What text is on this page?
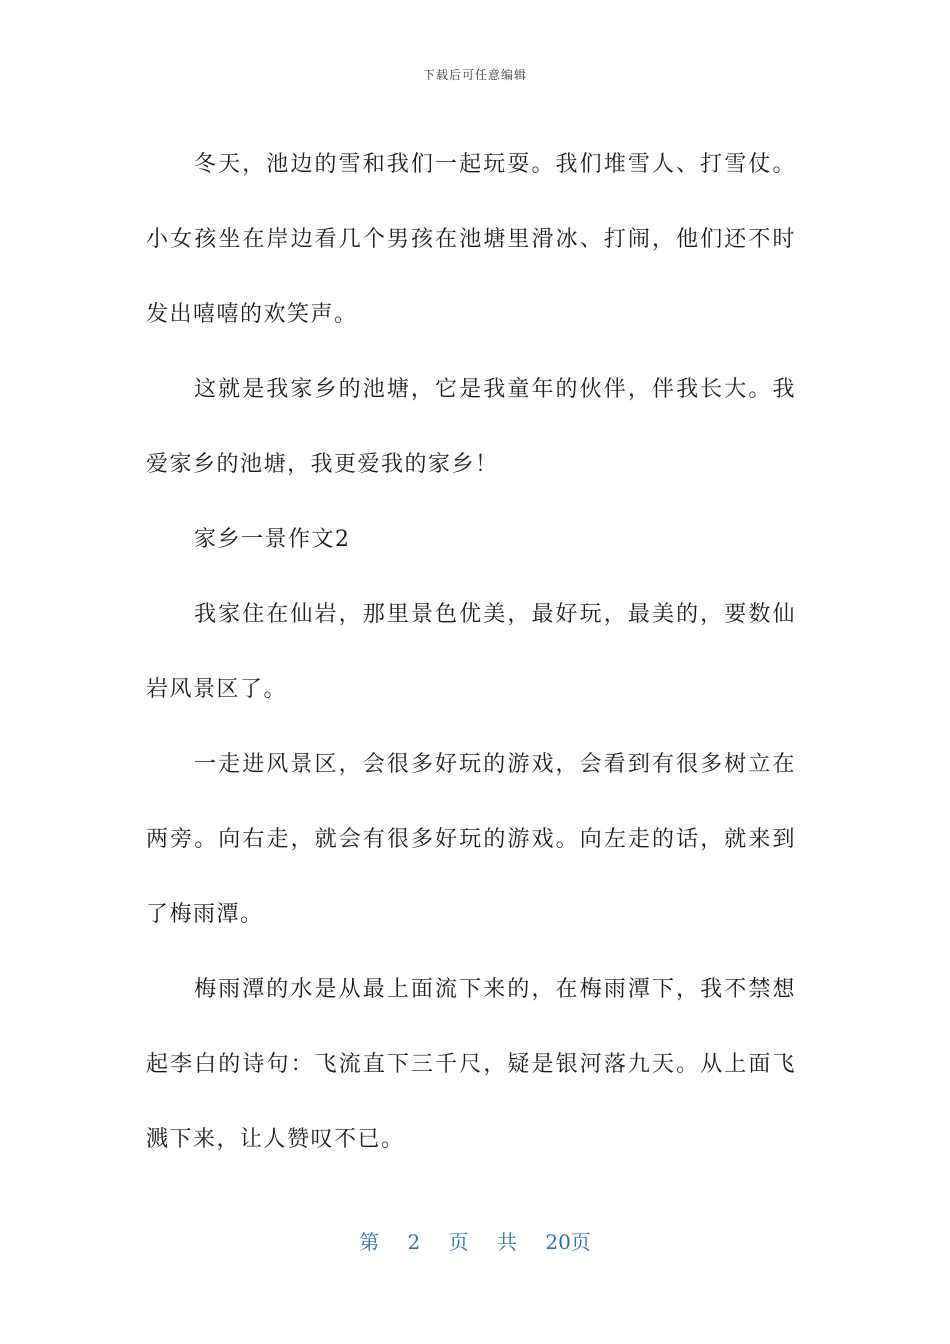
下载后可任意编辑

冬天，池边的雪和我们一起玩耍。我们堆雪人、打雪仗。小女孩坐在岸边看几个男孩在池塘里滑冰、打闹，他们还不时发出嘻嘻的欢笑声。

这就是我家乡的池塘，它是我童年的伙伴，伴我长大。我爱家乡的池塘，我更爱我的家乡！

家乡一景作文2

我家住在仙岩，那里景色优美，最好玩，最美的，要数仙岩风景区了。

一走进风景区，会很多好玩的游戏，会看到有很多树立在两旁。向右走，就会有很多好玩的游戏。向左走的话，就来到了梅雨潭。

梅雨潭的水是从最上面流下来的，在梅雨潭下，我不禁想起李白的诗句：飞流直下三千尺，疑是银河落九天。从上面飞溅下来，让人赞叹不已。

第 2 页 共 20页
